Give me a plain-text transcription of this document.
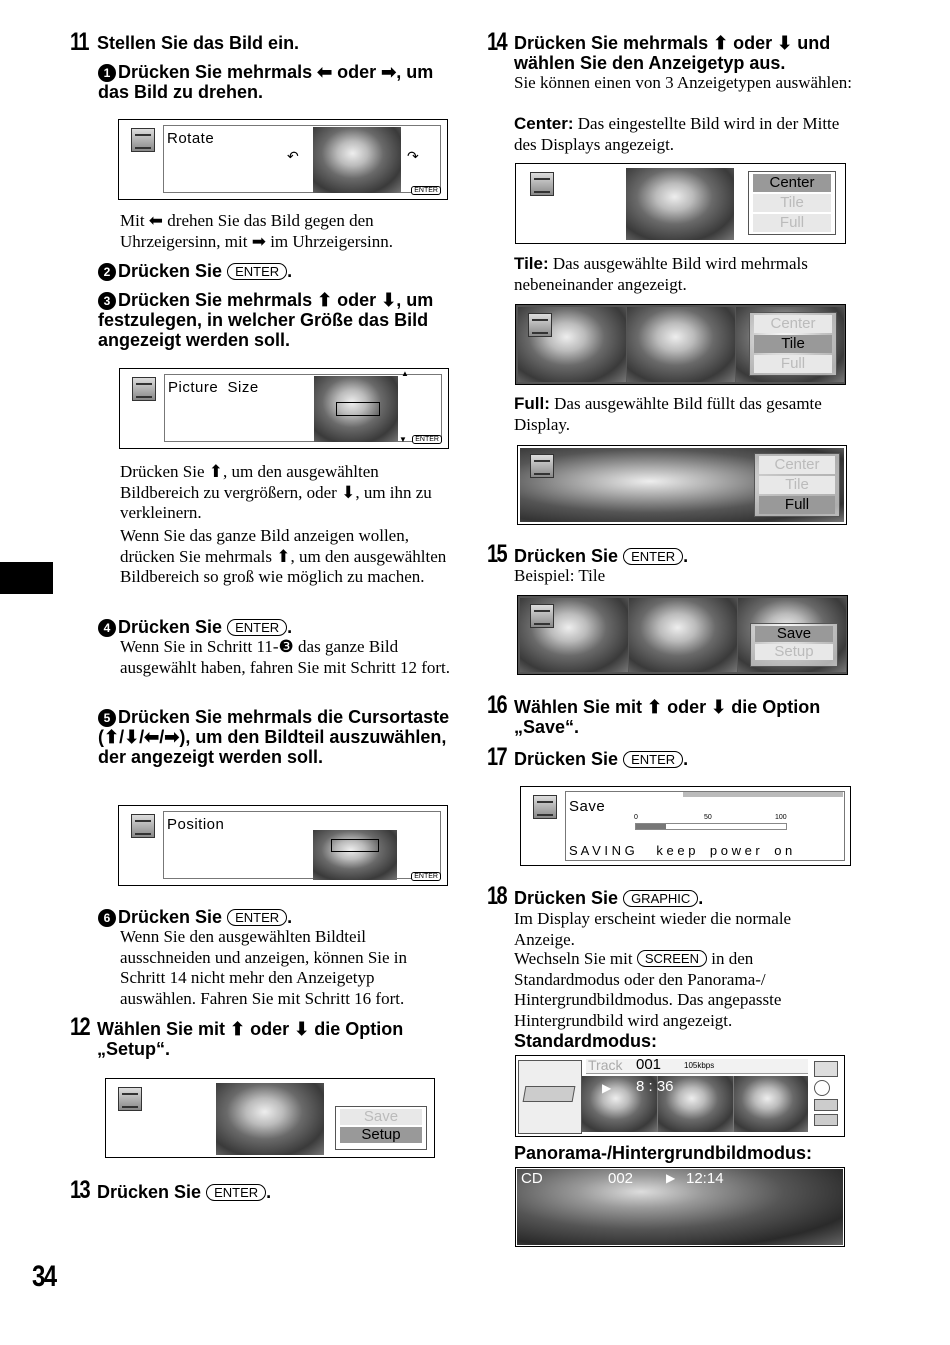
34
11 Stellen Sie das Bild ein.
1 Drücken Sie mehrmals ⬅ oder ➡, um das Bild zu drehen.
Rotate
↶	↷
ENTER
Mit ⬅ drehen Sie das Bild gegen den Uhrzeigersinn, mit ➡ im Uhrzeigersinn.
2 Drücken Sie ENTER .
3 Drücken Sie mehrmals ⬆ oder ⬇, um festzulegen, in welcher Größe das Bild angezeigt werden soll.
Picture  Size
▲
▼	ENTER
Drücken Sie ⬆, um den ausgewählten Bildbereich zu vergrößern, oder ⬇, um ihn zu verkleinern.
Wenn Sie das ganze Bild anzeigen wollen, drücken Sie mehrmals ⬆, um den ausgewählten Bildbereich so groß wie möglich zu machen.
4 Drücken Sie ENTER .
Wenn Sie in Schritt 11-❸ das ganze Bild ausgewählt haben, fahren Sie mit Schritt 12 fort.
5 Drücken Sie mehrmals die Cursortaste (⬆/⬇/⬅/➡), um den Bildteil auszuwählen, der angezeigt werden soll.
Position
ENTER
6 Drücken Sie ENTER .
Wenn Sie den ausgewählten Bildteil ausschneiden und anzeigen, können Sie in Schritt 14 nicht mehr den Anzeigetyp auswählen. Fahren Sie mit Schritt 16 fort.
12 Wählen Sie mit ⬆ oder ⬇ die Option „Setup“.
Save
Setup
13 Drücken Sie ENTER .
14 Drücken Sie mehrmals ⬆ oder ⬇ und wählen Sie den Anzeigetyp aus.
Sie können einen von 3 Anzeigetypen auswählen:
Center: Das eingestellte Bild wird in der Mitte des Displays angezeigt.
Center
Tile
Full
Tile: Das ausgewählte Bild wird mehrmals nebeneinander angezeigt.
Center
Tile
Full
Full: Das ausgewählte Bild füllt das gesamte Display.
Center
Tile
Full
15 Drücken Sie ENTER .
Beispiel: Tile
Save
Setup
16 Wählen Sie mit ⬆ oder ⬇ die Option „Save“.
17 Drücken Sie ENTER .
Save
0	50	100
S A V I N G      k e e p    p o w e r    o n
18 Drücken Sie GRAPHIC .
Im Display erscheint wieder die normale Anzeige.
Wechseln Sie mit SCREEN in den Standardmodus oder den Panorama-/ Hintergrundbildmodus. Das angepasste Hintergrundbild wird angezeigt.
Standardmodus:
Track 001	105kbps
▶ 8 : 36
Panorama-/Hintergrundbildmodus:
CD	002	▶ 12:14
